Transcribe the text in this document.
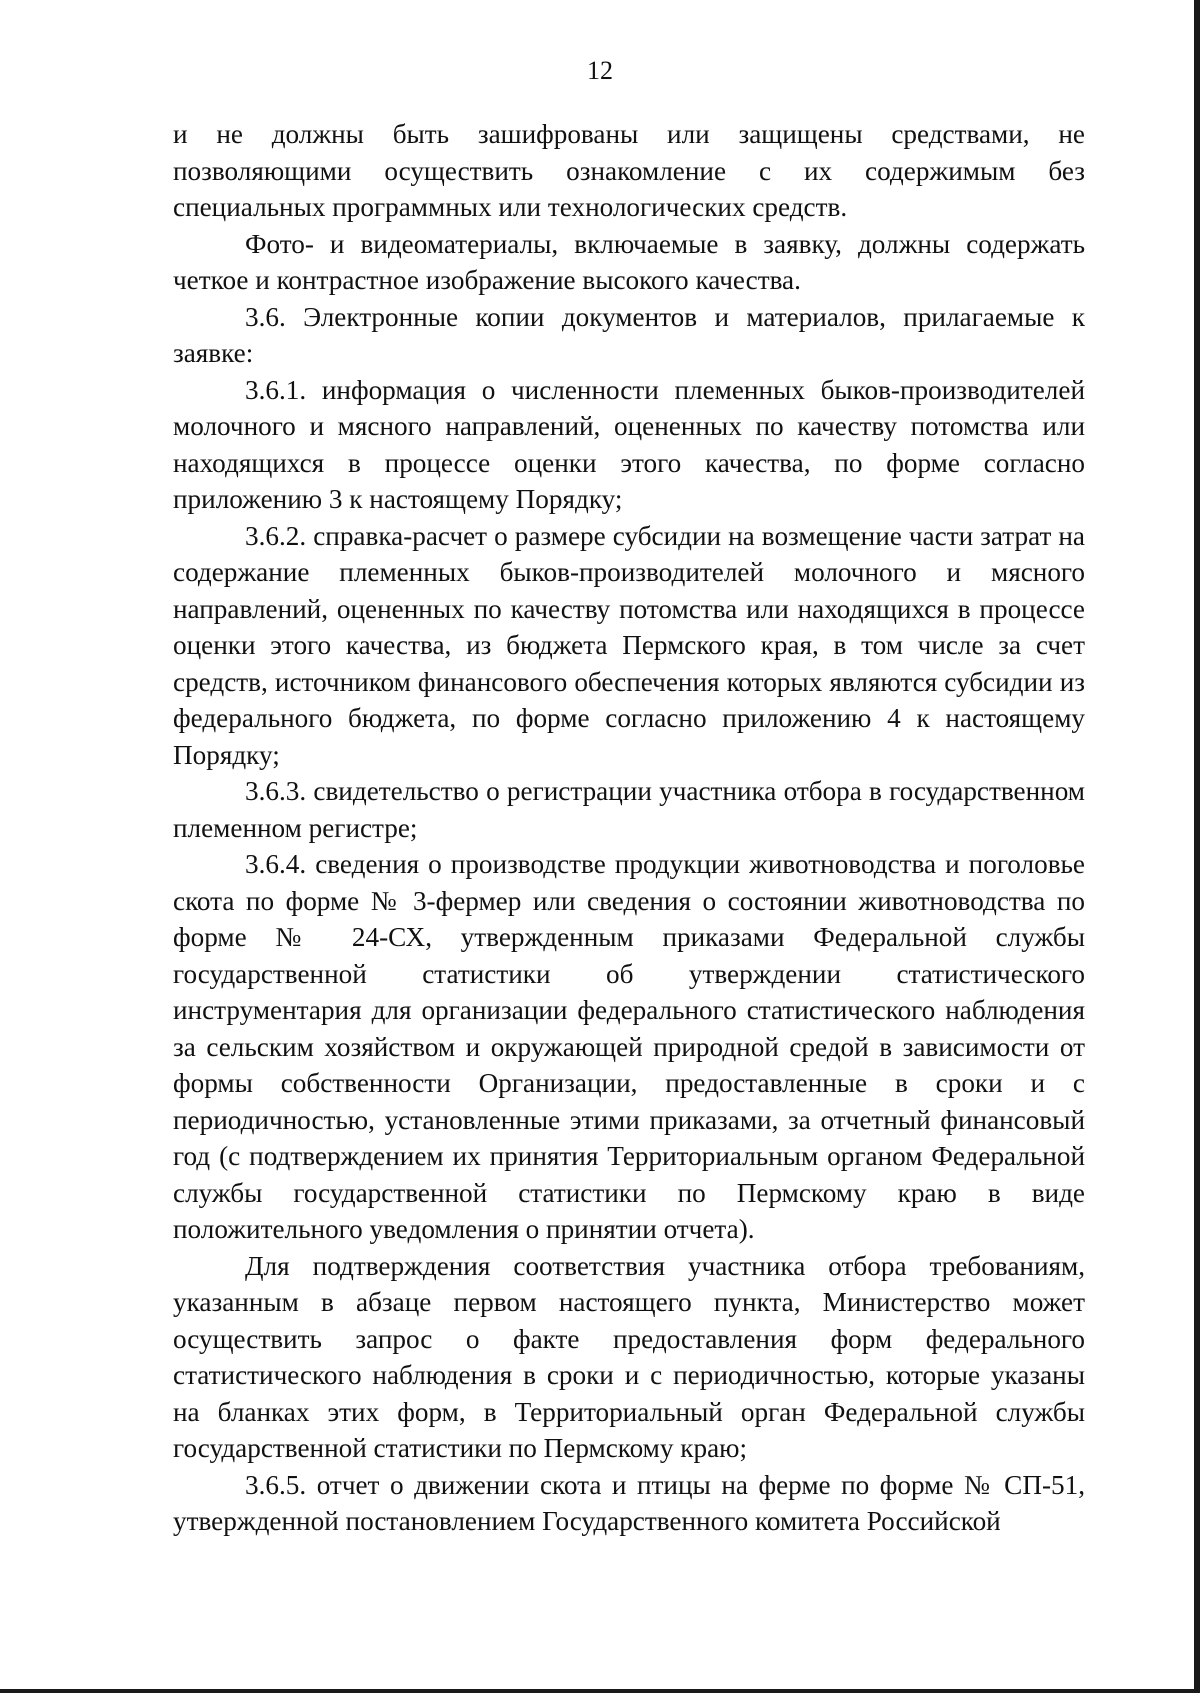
12

и не должны быть зашифрованы или защищены средствами, не позволяющими осуществить ознакомление с их содержимым без специальных программных или технологических средств.

Фото- и видеоматериалы, включаемые в заявку, должны содержать четкое и контрастное изображение высокого качества.

3.6. Электронные копии документов и материалов, прилагаемые к заявке:

3.6.1. информация о численности племенных быков-производителей молочного и мясного направлений, оцененных по качеству потомства или находящихся в процессе оценки этого качества, по форме согласно приложению 3 к настоящему Порядку;

3.6.2. справка-расчет о размере субсидии на возмещение части затрат на содержание племенных быков-производителей молочного и мясного направлений, оцененных по качеству потомства или находящихся в процессе оценки этого качества, из бюджета Пермского края, в том числе за счет средств, источником финансового обеспечения которых являются субсидии из федерального бюджета, по форме согласно приложению 4 к настоящему Порядку;

3.6.3. свидетельство о регистрации участника отбора в государственном племенном регистре;

3.6.4. сведения о производстве продукции животноводства и поголовье скота по форме № 3-фермер или сведения о состоянии животноводства по форме № 24-СХ, утвержденным приказами Федеральной службы государственной статистики об утверждении статистического инструментария для организации федерального статистического наблюдения за сельским хозяйством и окружающей природной средой в зависимости от формы собственности Организации, предоставленные в сроки и с периодичностью, установленные этими приказами, за отчетный финансовый год (с подтверждением их принятия Территориальным органом Федеральной службы государственной статистики по Пермскому краю в виде положительного уведомления о принятии отчета).

Для подтверждения соответствия участника отбора требованиям, указанным в абзаце первом настоящего пункта, Министерство может осуществить запрос о факте предоставления форм федерального статистического наблюдения в сроки и с периодичностью, которые указаны на бланках этих форм, в Территориальный орган Федеральной службы государственной статистики по Пермскому краю;

3.6.5. отчет о движении скота и птицы на ферме по форме № СП-51, утвержденной постановлением Государственного комитета Российской
